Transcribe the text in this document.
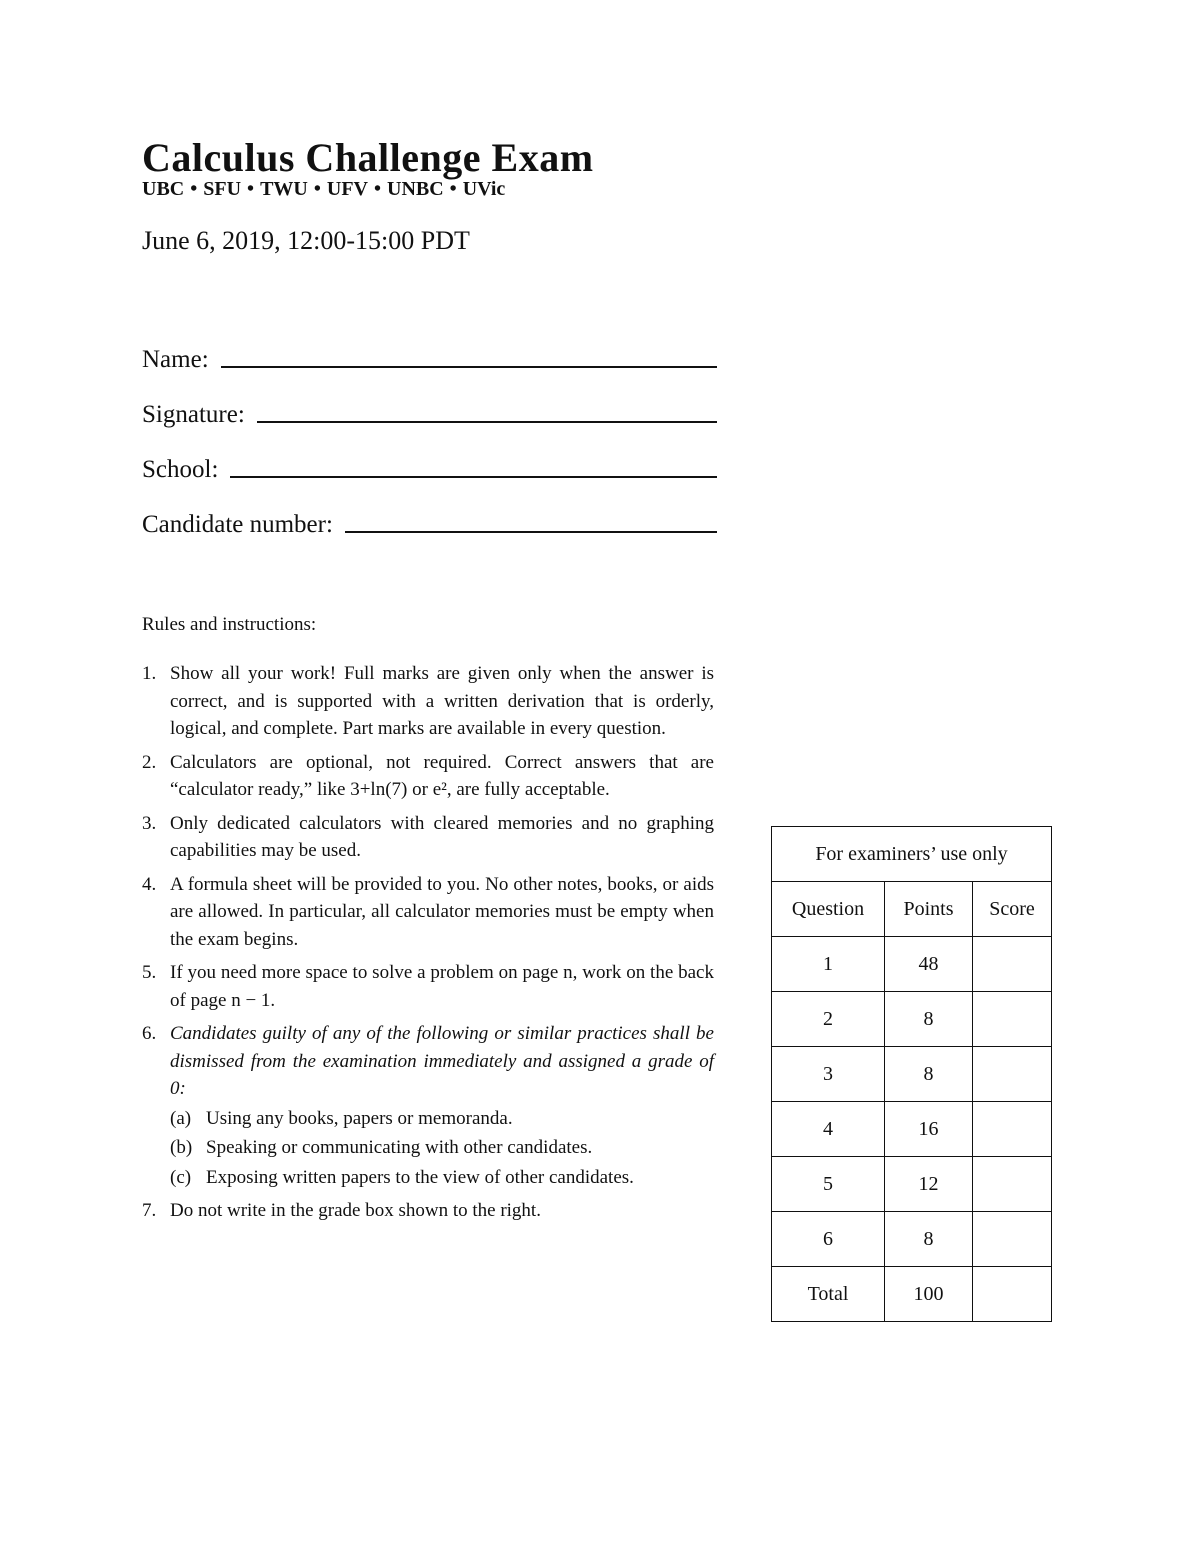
Calculus Challenge Exam
UBC • SFU • TWU • UFV • UNBC • UVic
June 6, 2019, 12:00-15:00 PDT
Name:
Signature:
School:
Candidate number:
Rules and instructions:
1. Show all your work! Full marks are given only when the answer is correct, and is supported with a written derivation that is orderly, logical, and complete. Part marks are available in every question.
2. Calculators are optional, not required. Correct answers that are “calculator ready,” like 3+ln(7) or e², are fully acceptable.
3. Only dedicated calculators with cleared memories and no graphing capabilities may be used.
4. A formula sheet will be provided to you. No other notes, books, or aids are allowed. In particular, all calculator memories must be empty when the exam begins.
5. If you need more space to solve a problem on page n, work on the back of page n − 1.
6. Candidates guilty of any of the following or similar practices shall be dismissed from the examination immediately and assigned a grade of 0:
(a) Using any books, papers or memoranda.
(b) Speaking or communicating with other candidates.
(c) Exposing written papers to the view of other candidates.
7. Do not write in the grade box shown to the right.
For examiners’ use only		
Question	Points	Score
1	48	
2	8	
3	8	
4	16	
5	12	
6	8	
Total	100	
